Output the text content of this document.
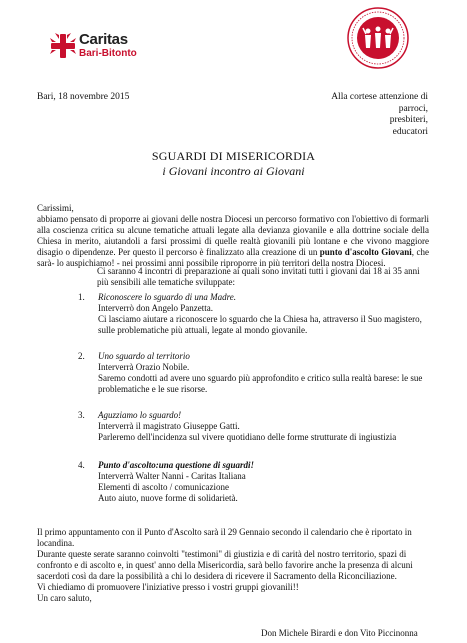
Caritas
Bari-Bitonto
Bari, 18 novembre 2015	Alla cortese attenzione di
parroci,
presbiteri,
educatori
SGUARDI DI MISERICORDIA
i Giovani incontro ai Giovani
Carissimi,
abbiamo pensato di proporre ai giovani delle nostra Diocesi un percorso formativo con l'obiettivo di formarli alla coscienza critica su alcune tematiche attuali legate alla devianza giovanile e alla dottrine sociale della Chiesa in merito, aiutandoli a farsi prossimi di quelle realtà giovanili più lontane e che vivono maggiore disagio o dipendenze. Per questo il percorso è finalizzato alla creazione di un punto d'ascolto Giovani, che sarà- lo auspichiamo! - nei prossimi anni possibile riproporre in più territori della nostra Diocesi.
Ci saranno 4 incontri di preparazione ai quali sono invitati tutti i giovani dai 18 ai 35 anni più sensibili alle tematiche sviluppate:
1. Riconoscere lo sguardo di una Madre.
Interverrò don Angelo Panzetta.
Ci lasciamo aiutare a riconoscere lo sguardo che la Chiesa ha, attraverso il Suo magistero, sulle problematiche più attuali, legate al mondo giovanile.
2. Uno sguardo al territorio
Interverrà Orazio Nobile.
Saremo condotti ad avere uno sguardo più approfondito e critico sulla realtà barese: le sue problematiche e le sue risorse.
3. Aguzziamo lo sguardo!
Interverrà il magistrato Giuseppe Gatti.
Parleremo dell'incidenza sul vivere quotidiano delle forme strutturate di ingiustizia
4. Punto d'ascolto:una questione di sguardi!
Interverrà Walter Nanni - Caritas Italiana
Elementi di ascolto / comunicazione
Auto aiuto, nuove forme di solidarietà.
Il primo appuntamento con il Punto d'Ascolto sarà il 29 Gennaio secondo il calendario che è riportato in locandina.
Durante queste serate saranno coinvolti "testimoni" di giustizia e di carità del nostro territorio, spazi di confronto e di ascolto e, in quest' anno della Misericordia, sarà bello favorire anche la presenza di alcuni sacerdoti così da dare la possibilità a chi lo desidera di ricevere il Sacramento della Riconciliazione.
Vi chiediamo di promuovere l'iniziative presso i vostri gruppi giovanili!!
Un caro saluto,
Don Michele Birardi e don Vito Piccinonna
